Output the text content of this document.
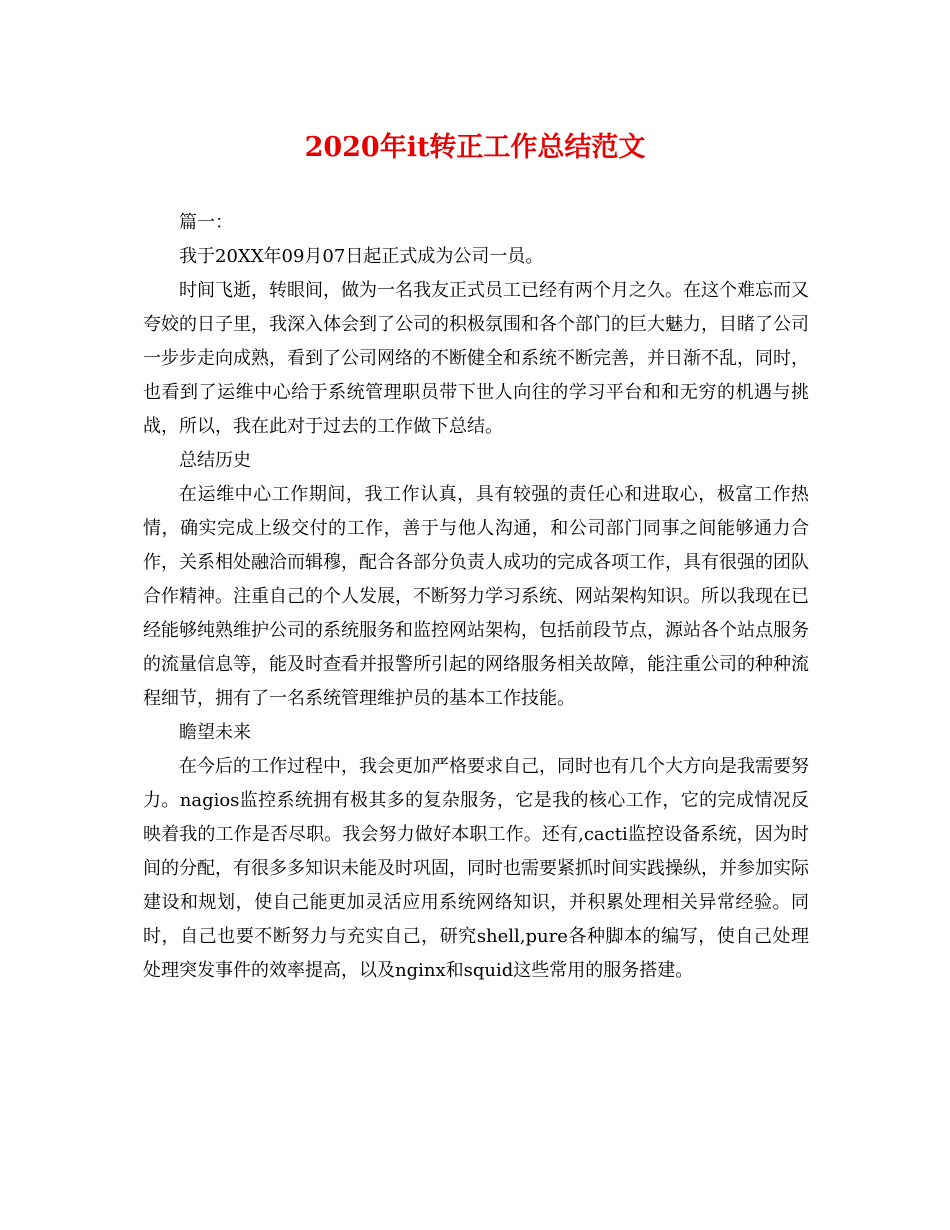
2020年it转正工作总结范文

篇一：

我于20XX年09月07日起正式成为公司一员。

时间飞逝，转眼间，做为一名我友正式员工已经有两个月之久。在这个难忘而又夸姣的日子里，我深入体会到了公司的积极氛围和各个部门的巨大魅力，目睹了公司一步步走向成熟，看到了公司网络的不断健全和系统不断完善，并日渐不乱，同时，也看到了运维中心给于系统管理职员带下世人向往的学习平台和和无穷的机遇与挑战，所以，我在此对于过去的工作做下总结。

总结历史

在运维中心工作期间，我工作认真，具有较强的责任心和进取心，极富工作热情，确实完成上级交付的工作，善于与他人沟通，和公司部门同事之间能够通力合作，关系相处融洽而辑穆，配合各部分负责人成功的完成各项工作，具有很强的团队合作精神。注重自己的个人发展，不断努力学习系统、网站架构知识。所以我现在已经能够纯熟维护公司的系统服务和监控网站架构，包括前段节点，源站各个站点服务的流量信息等，能及时查看并报警所引起的网络服务相关故障，能注重公司的种种流程细节，拥有了一名系统管理维护员的基本工作技能。

瞻望未来

在今后的工作过程中，我会更加严格要求自己，同时也有几个大方向是我需要努力。nagios监控系统拥有极其多的复杂服务，它是我的核心工作，它的完成情况反映着我的工作是否尽职。我会努力做好本职工作。还有,cacti监控设备系统，因为时间的分配，有很多多知识未能及时巩固，同时也需要紧抓时间实践操纵，并参加实际建设和规划，使自己能更加灵活应用系统网络知识，并积累处理相关异常经验。同时，自己也要不断努力与充实自己，研究shell,pure各种脚本的编写，使自己处理处理突发事件的效率提高，以及nginx和squid这些常用的服务搭建。
